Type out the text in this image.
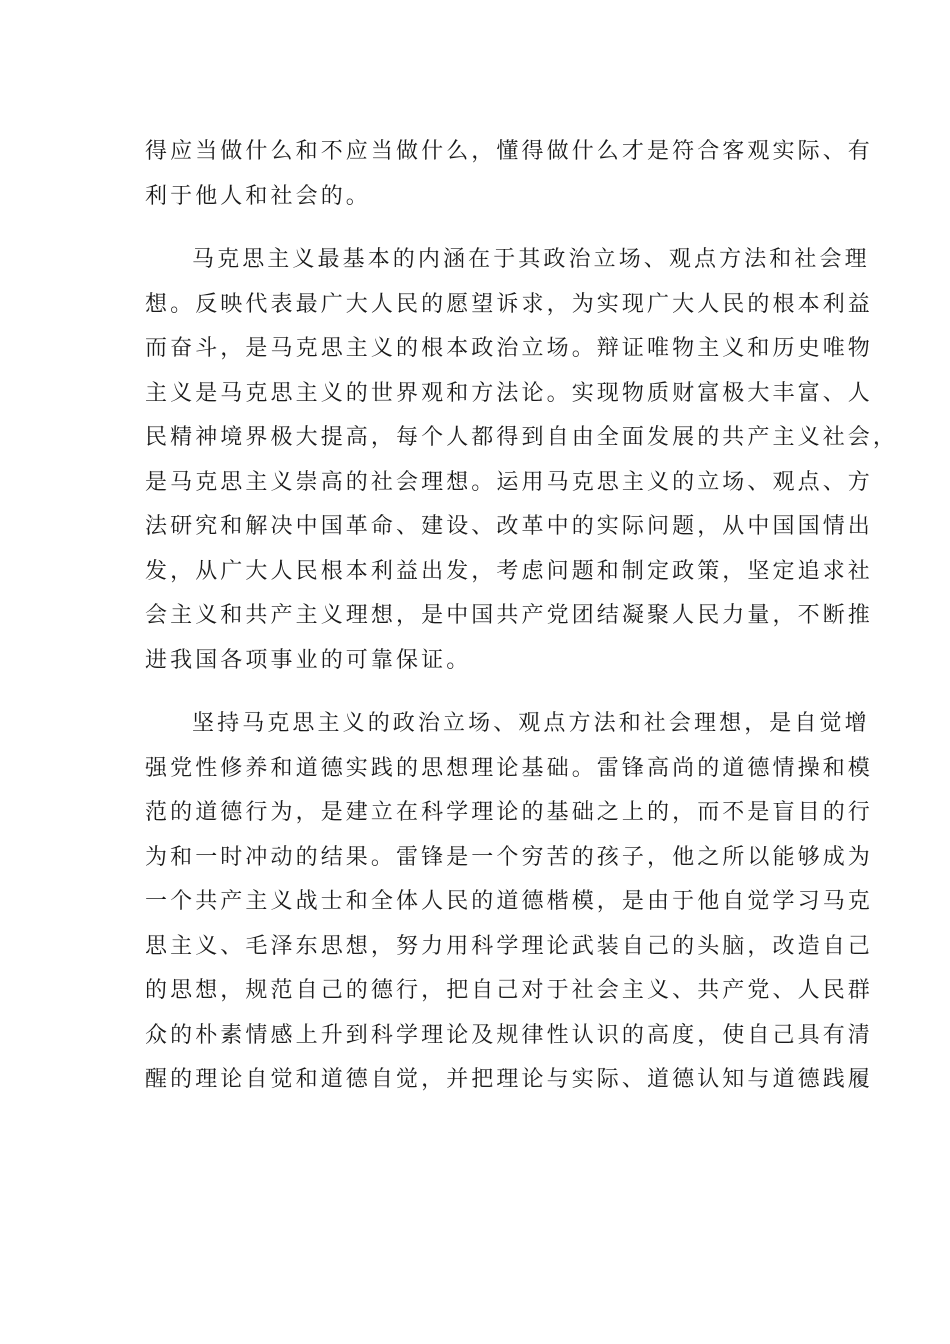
得应当做什么和不应当做什么，懂得做什么才是符合客观实际、有
利于他人和社会的。
马克思主义最基本的内涵在于其政治立场、观点方法和社会理
想。反映代表最广大人民的愿望诉求，为实现广大人民的根本利益
而奋斗，是马克思主义的根本政治立场。辩证唯物主义和历史唯物
主义是马克思主义的世界观和方法论。实现物质财富极大丰富、人
民精神境界极大提高，每个人都得到自由全面发展的共产主义社会，
是马克思主义崇高的社会理想。运用马克思主义的立场、观点、方
法研究和解决中国革命、建设、改革中的实际问题，从中国国情出
发，从广大人民根本利益出发，考虑问题和制定政策，坚定追求社
会主义和共产主义理想，是中国共产党团结凝聚人民力量，不断推
进我国各项事业的可靠保证。
坚持马克思主义的政治立场、观点方法和社会理想，是自觉增
强党性修养和道德实践的思想理论基础。雷锋高尚的道德情操和模
范的道德行为，是建立在科学理论的基础之上的，而不是盲目的行
为和一时冲动的结果。雷锋是一个穷苦的孩子，他之所以能够成为
一个共产主义战士和全体人民的道德楷模，是由于他自觉学习马克
思主义、毛泽东思想，努力用科学理论武装自己的头脑，改造自己
的思想，规范自己的德行，把自己对于社会主义、共产党、人民群
众的朴素情感上升到科学理论及规律性认识的高度，使自己具有清
醒的理论自觉和道德自觉，并把理论与实际、道德认知与道德践履
